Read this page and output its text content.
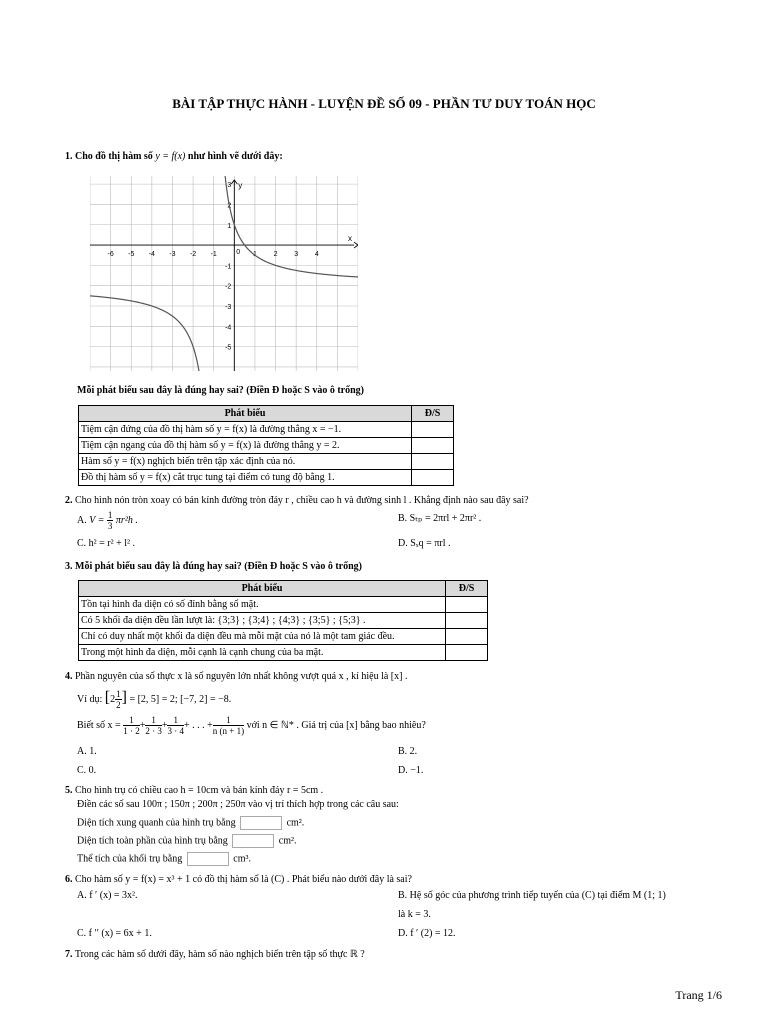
BÀI TẬP THỰC HÀNH - LUYỆN ĐỀ SỐ 09 - PHẦN TƯ DUY TOÁN HỌC
1. Cho đồ thị hàm số y = f(x) như hình vẽ dưới đây:
-6 -5 -4 -3 -2 -1	1 2 3 4
3
2
1
-1
-2
-3
-4
-5
0
x
y
Mỗi phát biểu sau đây là đúng hay sai? (Điền Đ hoặc S vào ô trống)
Phát biểu	Đ/S
Tiệm cận đứng của đồ thị hàm số y = f(x) là đường thẳng x = −1.	
Tiệm cận ngang của đồ thị hàm số y = f(x) là đường thẳng y = 2.	
Hàm số y = f(x) nghịch biến trên tập xác định của nó.	
Đồ thị hàm số y = f(x) cắt trục tung tại điểm có tung độ bằng 1.	
2. Cho hình nón tròn xoay có bán kính đường tròn đáy r , chiều cao h và đường sinh l . Khẳng định nào sau đây sai?
A. $V = \frac{1}{3} \pi r^2h$ .	B. Sₜₚ = 2πrl + 2πr² .
C. h² = r² + l² .	D. Sₓq = πrl .
3. Mỗi phát biểu sau đây là đúng hay sai? (Điền Đ hoặc S vào ô trống)
Phát biểu	Đ/S
Tồn tại hình đa diện có số đỉnh bằng số mặt.	
Có 5 khối đa diện đều lần lượt là: {3;3} ; {3;4} ; {4;3} ; {3;5} ; {5;3} .	
Chỉ có duy nhất một khối đa diện đều mà mỗi mặt của nó là một tam giác đều.	
Trong một hình đa diện, mỗi cạnh là cạnh chung của ba mặt.	
4. Phần nguyên của số thực x là số nguyên lớn nhất không vượt quá x , kí hiệu là [x] .
Ví dụ: [$2 \frac{1}{2}$ ] = [2, 5] = 2; [−7, 2] = −8.
Biết số $x = \frac{1}{1 \cdot 2} + \frac{1}{2 \cdot 3} + \frac{1}{3 \cdot 4}$ + . . . + $\frac{1}{n (n + 1)}$ với n ∈ ℕ* . Giá trị của [x] bằng bao nhiêu?
A. 1.	B. 2.
C. 0.	D. −1.
5. Cho hình trụ có chiều cao h = 10cm và bán kính đáy r = 5cm .
Điền các số sau 100π ; 150π ; 200π ; 250π vào vị trí thích hợp trong các câu sau:
Diện tích xung quanh của hình trụ bằng	cm².
Diện tích toàn phần của hình trụ bằng	cm².
Thể tích của khối trụ bằng	cm³.
6. Cho hàm số y = f(x) = x³ + 1 có đồ thị hàm số là (C) . Phát biểu nào dưới đây là sai?
A. f ′ (x) = 3x².	B. Hệ số góc của phương trình tiếp tuyến của (C) tại điểm M (1; 1)
là k = 3.
C. f ′′ (x) = 6x + 1.	D. f ′ (2) = 12.
7. Trong các hàm số dưới đây, hàm số nào nghịch biến trên tập số thực ℝ ?
Trang 1/6
